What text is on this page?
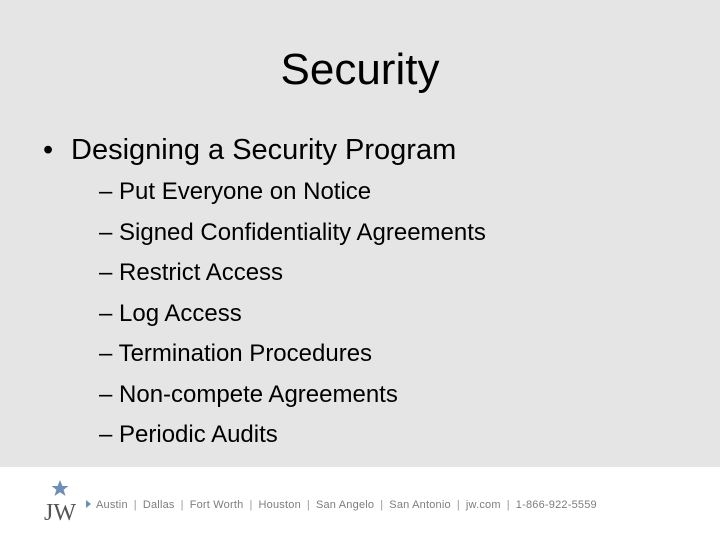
Security
• Designing a Security Program
– Put Everyone on Notice
– Signed Confidentiality Agreements
– Restrict Access
– Log Access
– Termination Procedures
– Non-compete Agreements
– Periodic Audits
JW	Austin | Dallas | Fort Worth | Houston | San Angelo | San Antonio | jw.com | 1-866-922-5559
